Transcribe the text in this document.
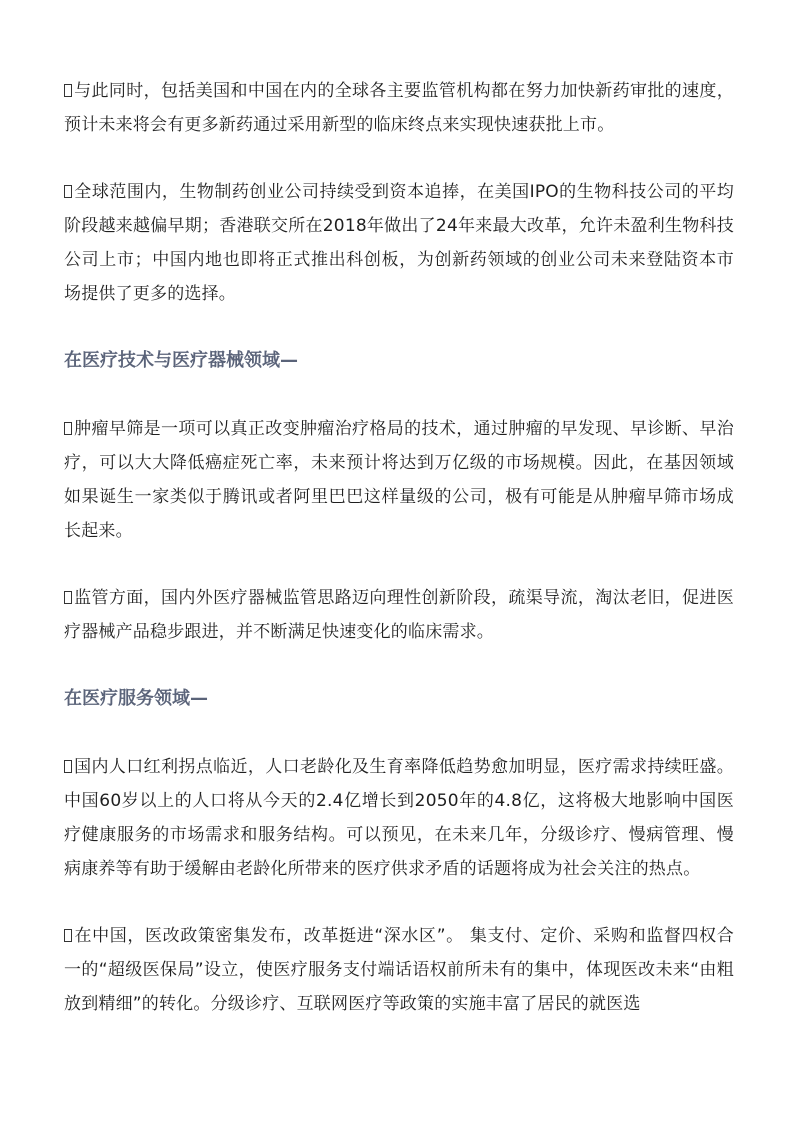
与此同时，包括美国和中国在内的全球各主要监管机构都在努力加快新药审批的速度，预计未来将会有更多新药通过采用新型的临床终点来实现快速获批上市。

全球范围内，生物制药创业公司持续受到资本追捧，在美国IPO的生物科技公司的平均阶段越来越偏早期；香港联交所在2018年做出了24年来最大改革，允许未盈利生物科技公司上市；中国内地也即将正式推出科创板，为创新药领域的创业公司未来登陆资本市场提供了更多的选择。

在医疗技术与医疗器械领域—

肿瘤早筛是一项可以真正改变肿瘤治疗格局的技术，通过肿瘤的早发现、早诊断、早治疗，可以大大降低癌症死亡率，未来预计将达到万亿级的市场规模。因此，在基因领域如果诞生一家类似于腾讯或者阿里巴巴这样量级的公司，极有可能是从肿瘤早筛市场成长起来。

监管方面，国内外医疗器械监管思路迈向理性创新阶段，疏渠导流，淘汰老旧，促进医疗器械产品稳步跟进，并不断满足快速变化的临床需求。

在医疗服务领域—

国内人口红利拐点临近，人口老龄化及生育率降低趋势愈加明显，医疗需求持续旺盛。中国60岁以上的人口将从今天的2.4亿增长到2050年的4.8亿，这将极大地影响中国医疗健康服务的市场需求和服务结构。可以预见，在未来几年，分级诊疗、慢病管理、慢病康养等有助于缓解由老龄化所带来的医疗供求矛盾的话题将成为社会关注的热点。

在中国，医改政策密集发布，改革挺进“深水区”。 集支付、定价、采购和监督四权合一的“超级医保局”设立，使医疗服务支付端话语权前所未有的集中，体现医改未来“由粗放到精细”的转化。分级诊疗、互联网医疗等政策的实施丰富了居民的就医选
